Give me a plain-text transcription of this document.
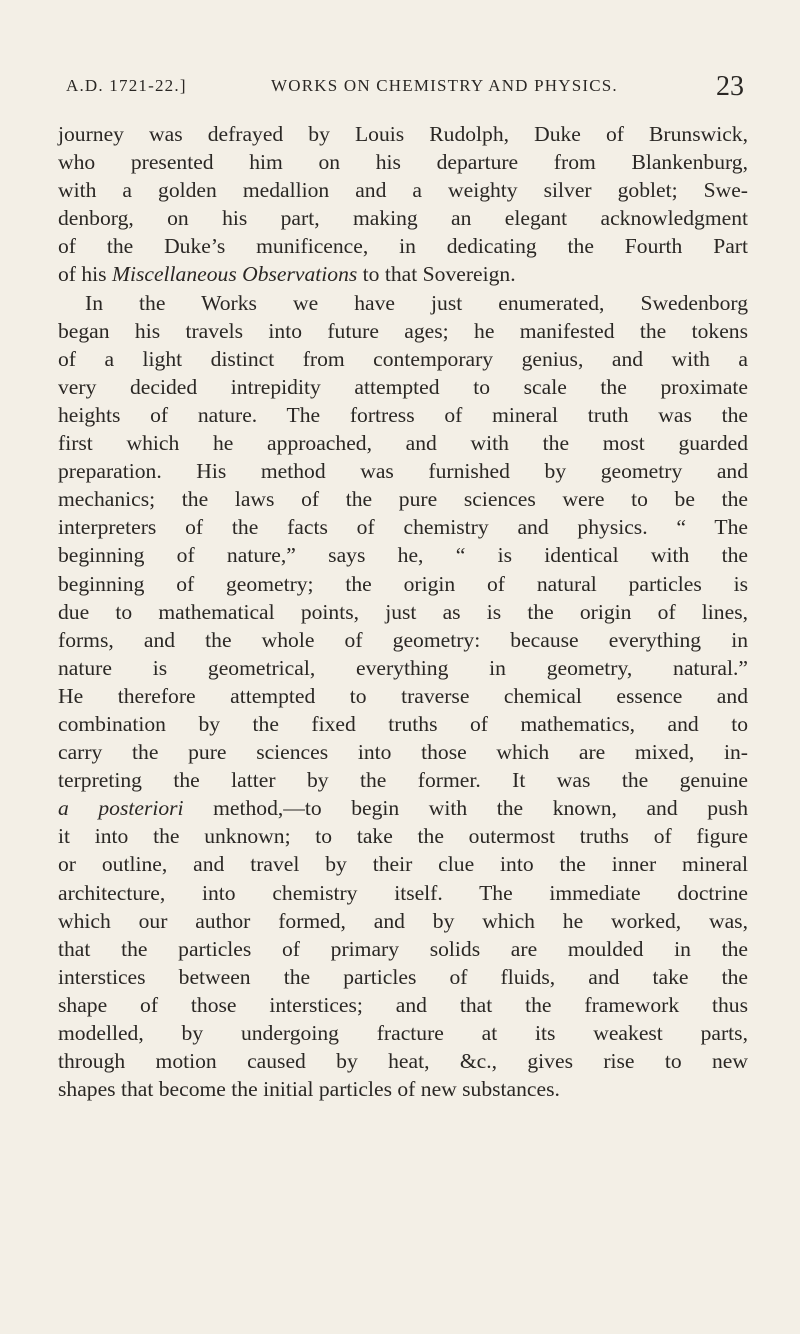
A.D. 1721-22.]	WORKS ON CHEMISTRY AND PHYSICS.	23
journey was defrayed by Louis Rudolph, Duke of Brunswick,
who presented him on his departure from Blankenburg,
with a golden medallion and a weighty silver goblet; Swe-
denborg, on his part, making an elegant acknowledgment
of the Duke’s munificence, in dedicating the Fourth Part
of his Miscellaneous Observations to that Sovereign.
In the Works we have just enumerated, Swedenborg
began his travels into future ages; he manifested the tokens
of a light distinct from contemporary genius, and with a
very decided intrepidity attempted to scale the proximate
heights of nature. The fortress of mineral truth was the
first which he approached, and with the most guarded
preparation. His method was furnished by geometry and
mechanics; the laws of the pure sciences were to be the
interpreters of the facts of chemistry and physics. “ The
beginning of nature,” says he, “ is identical with the
beginning of geometry; the origin of natural particles is
due to mathematical points, just as is the origin of lines,
forms, and the whole of geometry: because everything in
nature is geometrical, everything in geometry, natural.”
He therefore attempted to traverse chemical essence and
combination by the fixed truths of mathematics, and to
carry the pure sciences into those which are mixed, in-
terpreting the latter by the former. It was the genuine
a posteriori method,—to begin with the known, and push
it into the unknown; to take the outermost truths of figure
or outline, and travel by their clue into the inner mineral
architecture, into chemistry itself. The immediate doctrine
which our author formed, and by which he worked, was,
that the particles of primary solids are moulded in the
interstices between the particles of fluids, and take the
shape of those interstices; and that the framework thus
modelled, by undergoing fracture at its weakest parts,
through motion caused by heat, &c., gives rise to new
shapes that become the initial particles of new substances.
